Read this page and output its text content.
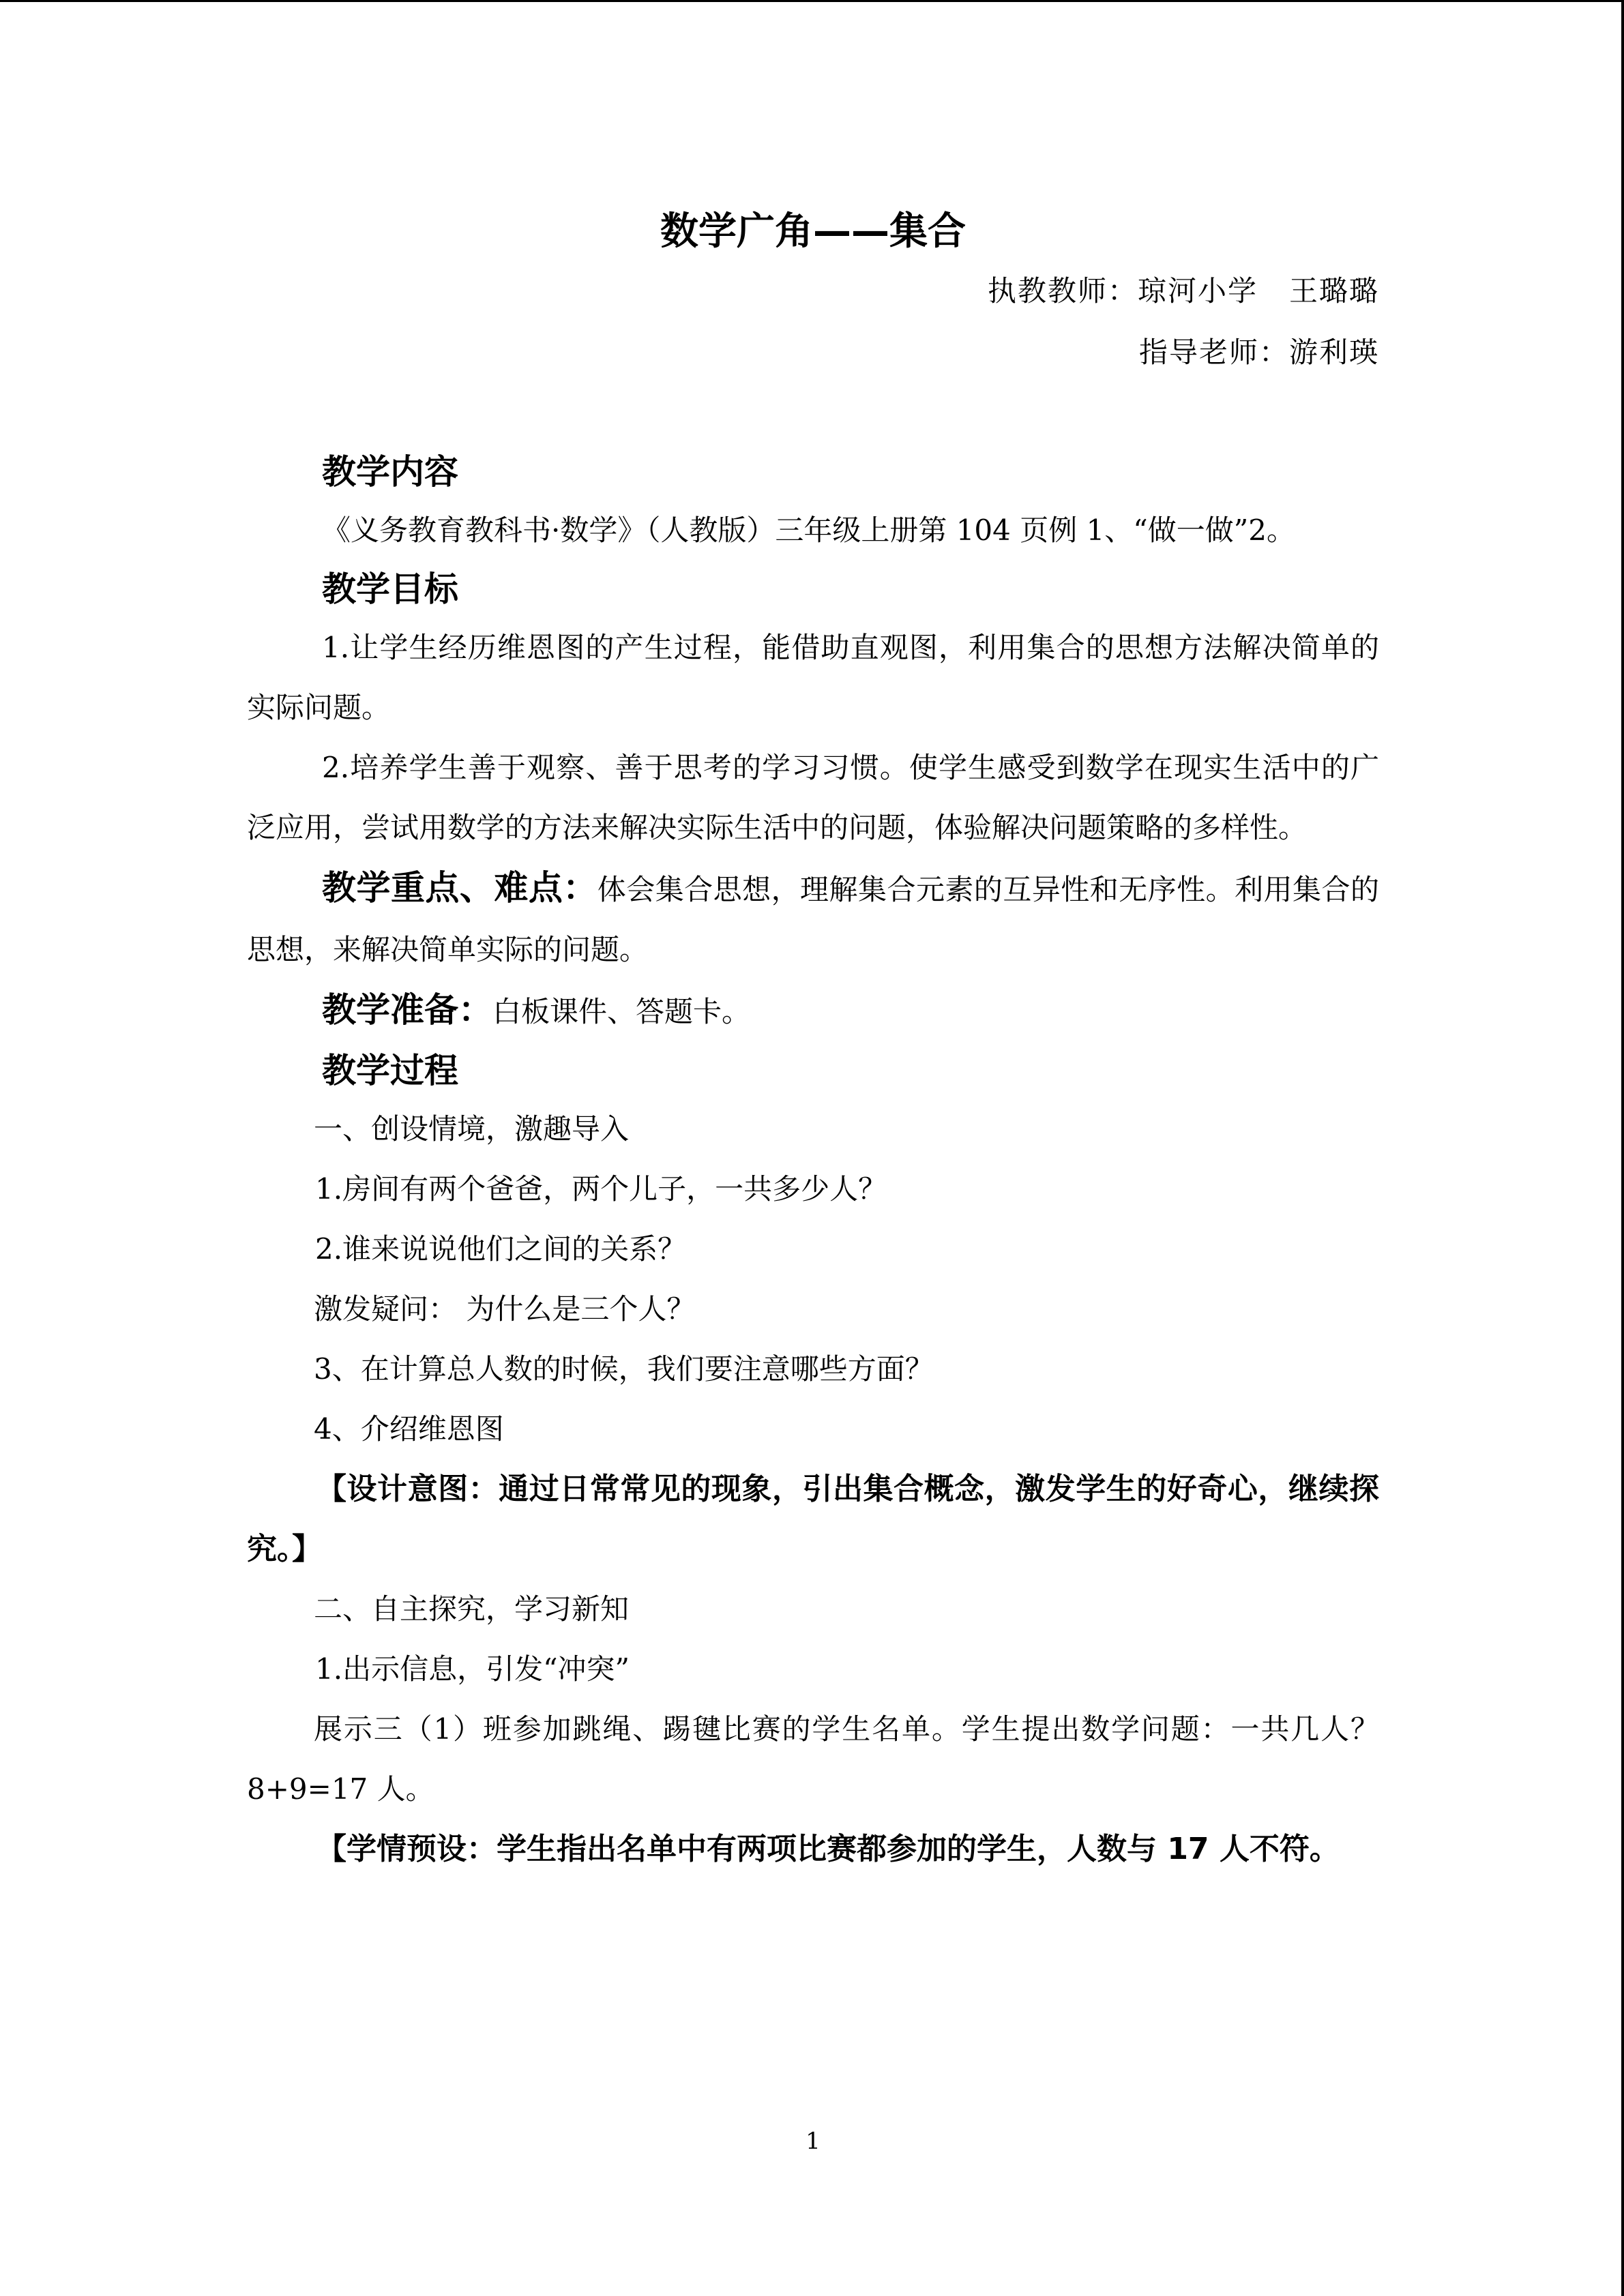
数学广角——集合
执教教师：琼河小学   王璐璐
指导老师：游利瑛

教学内容

《义务教育教科书·数学》（人教版）三年级上册第 104 页例 1、“做一做”2。

教学目标

1.让学生经历维恩图的产生过程，能借助直观图，利用集合的思想方法解决简单的实际问题。

2.培养学生善于观察、善于思考的学习习惯。使学生感受到数学在现实生活中的广泛应用，尝试用数学的方法来解决实际生活中的问题，体验解决问题策略的多样性。

教学重点、难点：体会集合思想，理解集合元素的互异性和无序性。利用集合的思想，来解决简单实际的问题。

教学准备：白板课件、答题卡。

教学过程

一、创设情境，激趣导入

1.房间有两个爸爸，两个儿子，一共多少人？

2.谁来说说他们之间的关系？

激发疑问： 为什么是三个人？

3、在计算总人数的时候，我们要注意哪些方面？

4、介绍维恩图

【设计意图：通过日常常见的现象，引出集合概念，激发学生的好奇心，继续探究。】

二、自主探究，学习新知

1.出示信息，引发“冲突”

展示三（1）班参加跳绳、踢毽比赛的学生名单。学生提出数学问题：一共几人？8+9=17 人。

【学情预设：学生指出名单中有两项比赛都参加的学生，人数与 17 人不符。

1
